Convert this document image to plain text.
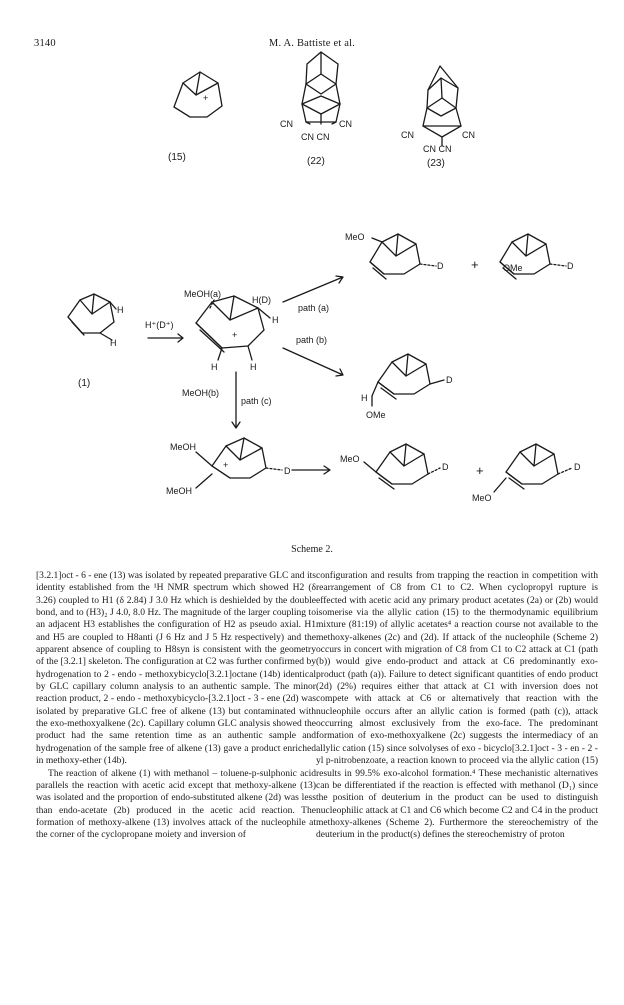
3140	M. A. Battiste et al.
(15)
+
(22)	(23)
CN	CN
CN CN	CN	CN
CN CN
(1)
H
H
H⁺(D⁺)
MeOH(a)
H(D)
H
H	H
+
MeOH(b)
path (a)
path (b)
path (c)
MeO
D +	OMe	D
H
OMe
D
MeOH
MeOH
+
D
MeO
D +
MeO
D
Scheme 2.

[3.2.1]oct - 6 - ene (13) was isolated by repeated preparative GLC and its identity established from the ¹H NMR spectrum which showed H2 (δ 3.26) coupled to H1 (δ 2.84) J 3.0 Hz which is deshielded by the double bond, and to (H3)₂ J 4.0, 8.0 Hz. The magnitude of the larger coupling to an adjacent H3 establishes the configuration of H2 as pseudo axial. H1 and H5 are coupled to H8anti (J 6 Hz and J 5 Hz respectively) and the apparent absence of coupling to H8syn is consistent with the geometry of the [3.2.1] skeleton. The configuration at C2 was further confirmed by hydrogenation to 2 - endo - methoxybicyclo[3.2.1]octane (14b) identical by GLC capillary column analysis to an authentic sample. The minor reaction product, 2 - endo - methoxybicyclo-[3.2.1]oct - 3 - ene (2d) was isolated by preparative GLC free of alkene (13) but contaminated with the exo-methoxyalkene (2c). Capillary column GLC analysis showed the product had the same retention time as an authentic sample and hydrogenation of the sample free of alkene (13) gave a product enriched in methoxy-ether (14b).

The reaction of alkene (1) with methanol – toluene-p-sulphonic acid parallels the reaction with acetic acid except that methoxy-alkene (13) was isolated and the proportion of endo-substituted alkene (2d) was less than endo-acetate (2b) produced in the acetic acid reaction. The formation of methoxy-alkene (13) involves attack of the nucleophile at the corner of the cyclopropane moiety and inversion of

configuration and results from trapping the reaction in competition with rearrangement of C8 from C1 to C2. When cyclopropyl rupture is effected with acetic acid any primary product acetates (2a) or (2b) would isomerise via the allylic cation (15) to the thermodynamic equilibrium mixture (81:19) of allylic acetates⁴ a reaction course not available to the methoxy-alkenes (2c) and (2d). If attack of the nucleophile (Scheme 2) occurs in concert with migration of C8 from C1 to C2 attack at C1 (path (b)) would give endo-product and attack at C6 predominantly exo-product (path (a)). Failure to detect significant quantities of endo product (2d) (2%) requires either that attack at C1 with inversion does not compete with attack at C6 or alternatively that reaction with the nucleophile occurs after an allylic cation is formed (path (c)), attack occurring almost exclusively from the exo-face. The predominant formation of exo-methoxyalkene (2c) suggests the intermediacy of an allylic cation (15) since solvolyses of exo - bicyclo[3.2.1]oct - 3 - en - 2 - yl p-nitrobenzoate, a reaction known to proceed via the allylic cation (15) results in 99.5% exo-alcohol formation.⁴ These mechanistic alternatives can be differentiated if the reaction is effected with methanol (D₁) since the position of deuterium in the product can be used to distinguish nucleophilic attack at C1 and C6 which become C2 and C4 in the product methoxy-alkenes (Scheme 2). Furthermore the stereochemistry of the deuterium in the product(s) defines the stereochemistry of proton
